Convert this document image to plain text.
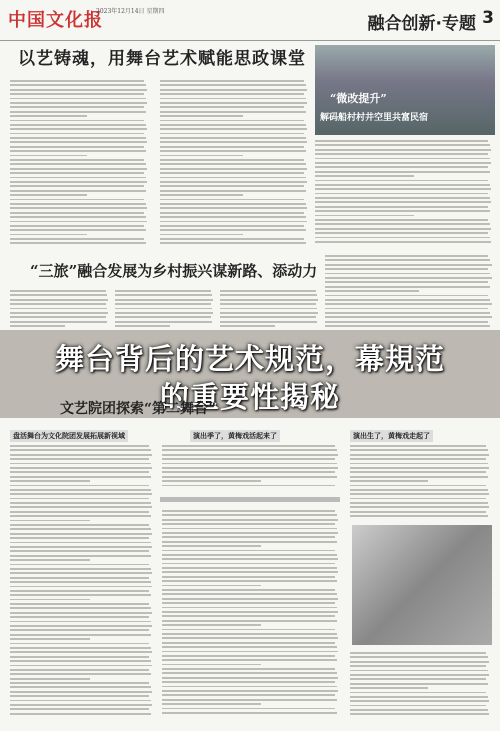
中国文化报
2023年12月14日 星期四
融合创新·专题 3
以艺铸魂，用舞台艺术赋能思政课堂
“微改提升”
解码船村村井空里共富民宿
“三旅”融合发展为乡村振兴谋新路、添动力
舞台背后的艺术规范，幕規范
的重要性揭秘
文艺院团探索“第二舞台”
盘活舞台为文化院团发展拓展新视域	演出季了，黄梅戏活起来了	演出生了，黄梅戏走起了
